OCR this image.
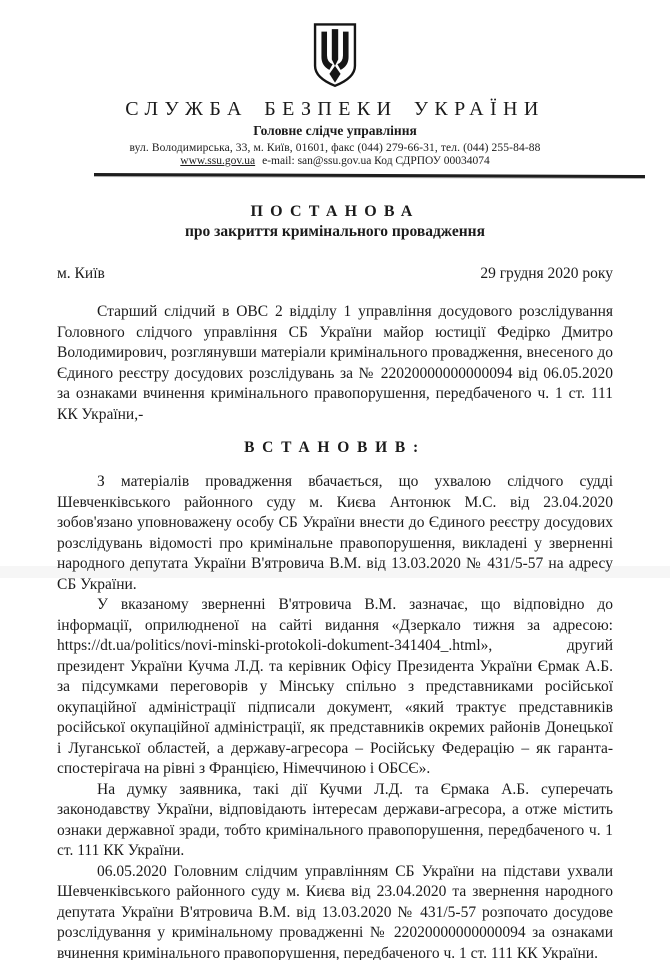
СЛУЖБА БЕЗПЕКИ УКРАЇНИ
Головне слідче управління
вул. Володимирська, 33, м. Київ, 01601, факс (044) 279-66-31, тел. (044) 255-84-88
www.ssu.gov.ua e-mail: san@ssu.gov.ua Код СДРПОУ 00034074
ПОСТАНОВА
про закриття кримінального провадження
м. Київ	29 грудня 2020 року

Старший слідчий в ОВС 2 відділу 1 управління досудового розслідування Головного слідчого управління СБ України майор юстиції Федірко Дмитро Володимирович, розглянувши матеріали кримінального провадження, внесеного до Єдиного реєстру досудових розслідувань за № 22020000000000094 від 06.05.2020 за ознаками вчинення кримінального правопорушення, передбаченого ч. 1 ст. 111 КК України,-

ВСТАНОВИВ:

З матеріалів провадження вбачається, що ухвалою слідчого судді Шевченківського районного суду м. Києва Антонюк М.С. від 23.04.2020 зобов'язано уповноважену особу СБ України внести до Єдиного реєстру досудових розслідувань відомості про кримінальне правопорушення, викладені у зверненні народного депутата України В'ятровича В.М. від 13.03.2020 № 431/5-57 на адресу СБ України.

У вказаному зверненні В'ятровича В.М. зазначає, що відповідно до інформації, оприлюдненої на сайті видання «Дзеркало тижня за адресою: https://dt.ua/politics/novi-minski-protokoli-dokument-341404_.html», другий президент України Кучма Л.Д. та керівник Офісу Президента України Єрмак А.Б. за підсумками переговорів у Мінську спільно з представниками російської окупаційної адміністрації підписали документ, «який трактує представників російської окупаційної адміністрації, як представників окремих районів Донецької і Луганської областей, а державу-агресора – Російську Федерацію – як гаранта-спостерігача на рівні з Францією, Німеччиною і ОБСЄ».

На думку заявника, такі дії Кучми Л.Д. та Єрмака А.Б. суперечать законодавству України, відповідають інтересам держави-агресора, а отже містить ознаки державної зради, тобто кримінального правопорушення, передбаченого ч. 1 ст. 111 КК України.

06.05.2020 Головним слідчим управлінням СБ України на підстави ухвали Шевченківського районного суду м. Києва від 23.04.2020 та звернення народного депутата України В'ятровича В.М. від 13.03.2020 № 431/5-57 розпочато досудове розслідування у кримінальному провадженні № 22020000000000094 за ознаками вчинення кримінального правопорушення, передбаченого ч. 1 ст. 111 КК України.
